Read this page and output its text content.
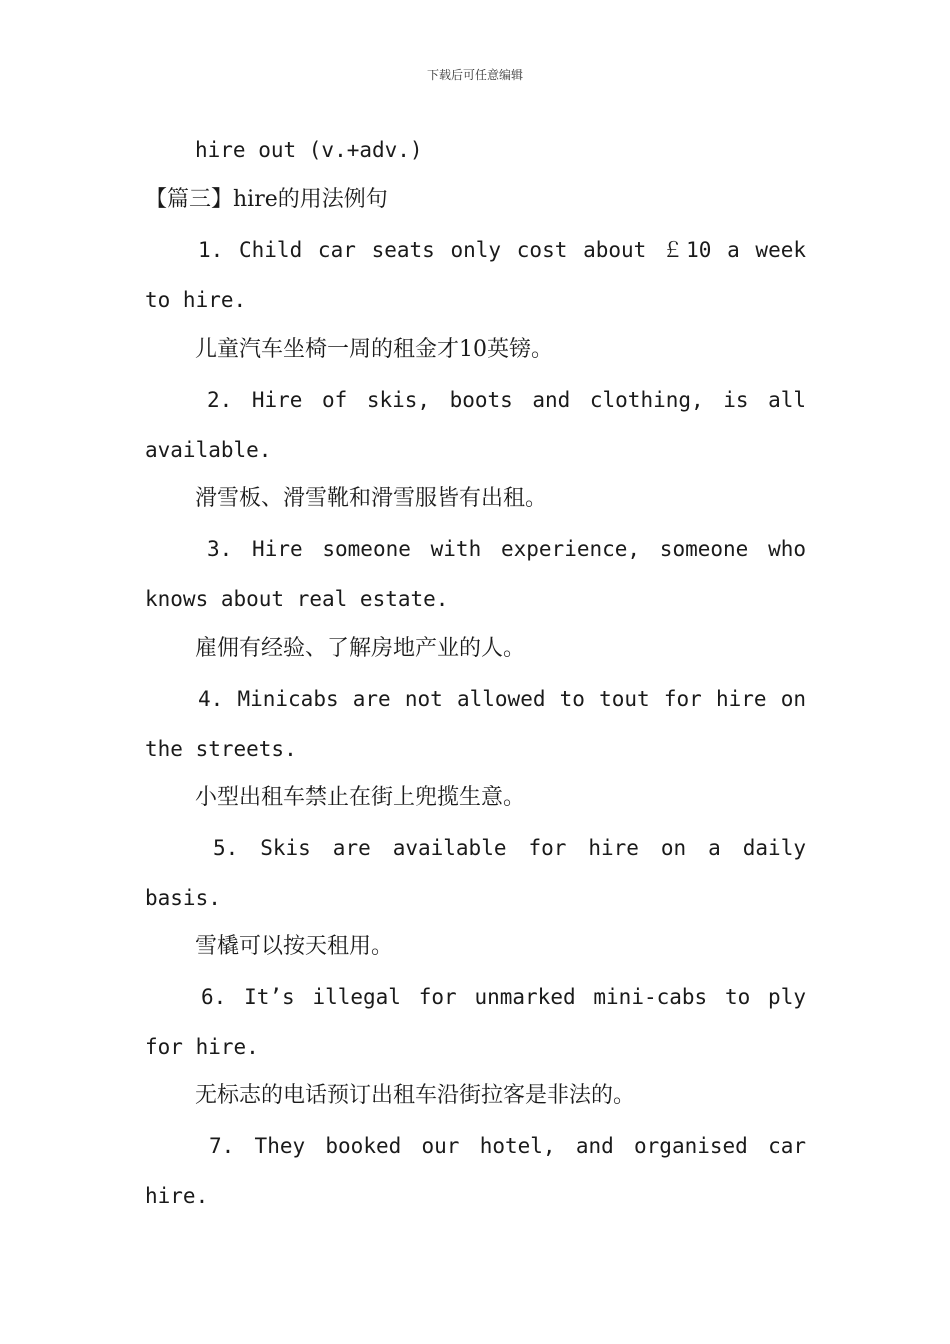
下载后可任意编辑

hire out (v.+adv.)

【篇三】hire的用法例句

1. Child car seats only cost about ￡10 a week

to hire.

儿童汽车坐椅一周的租金才10英镑。

2. Hire of skis, boots and clothing, is all

available.

滑雪板、滑雪靴和滑雪服皆有出租。

3. Hire someone with experience, someone who

knows about real estate.

雇佣有经验、了解房地产业的人。

4. Minicabs are not allowed to tout for hire on

the streets.

小型出租车禁止在街上兜揽生意。

5. Skis are available for hire on a daily

basis.

雪橇可以按天租用。

6. It’s illegal for unmarked mini-cabs to ply

for hire.

无标志的电话预订出租车沿街拉客是非法的。

7. They booked our hotel, and organised car

hire.
